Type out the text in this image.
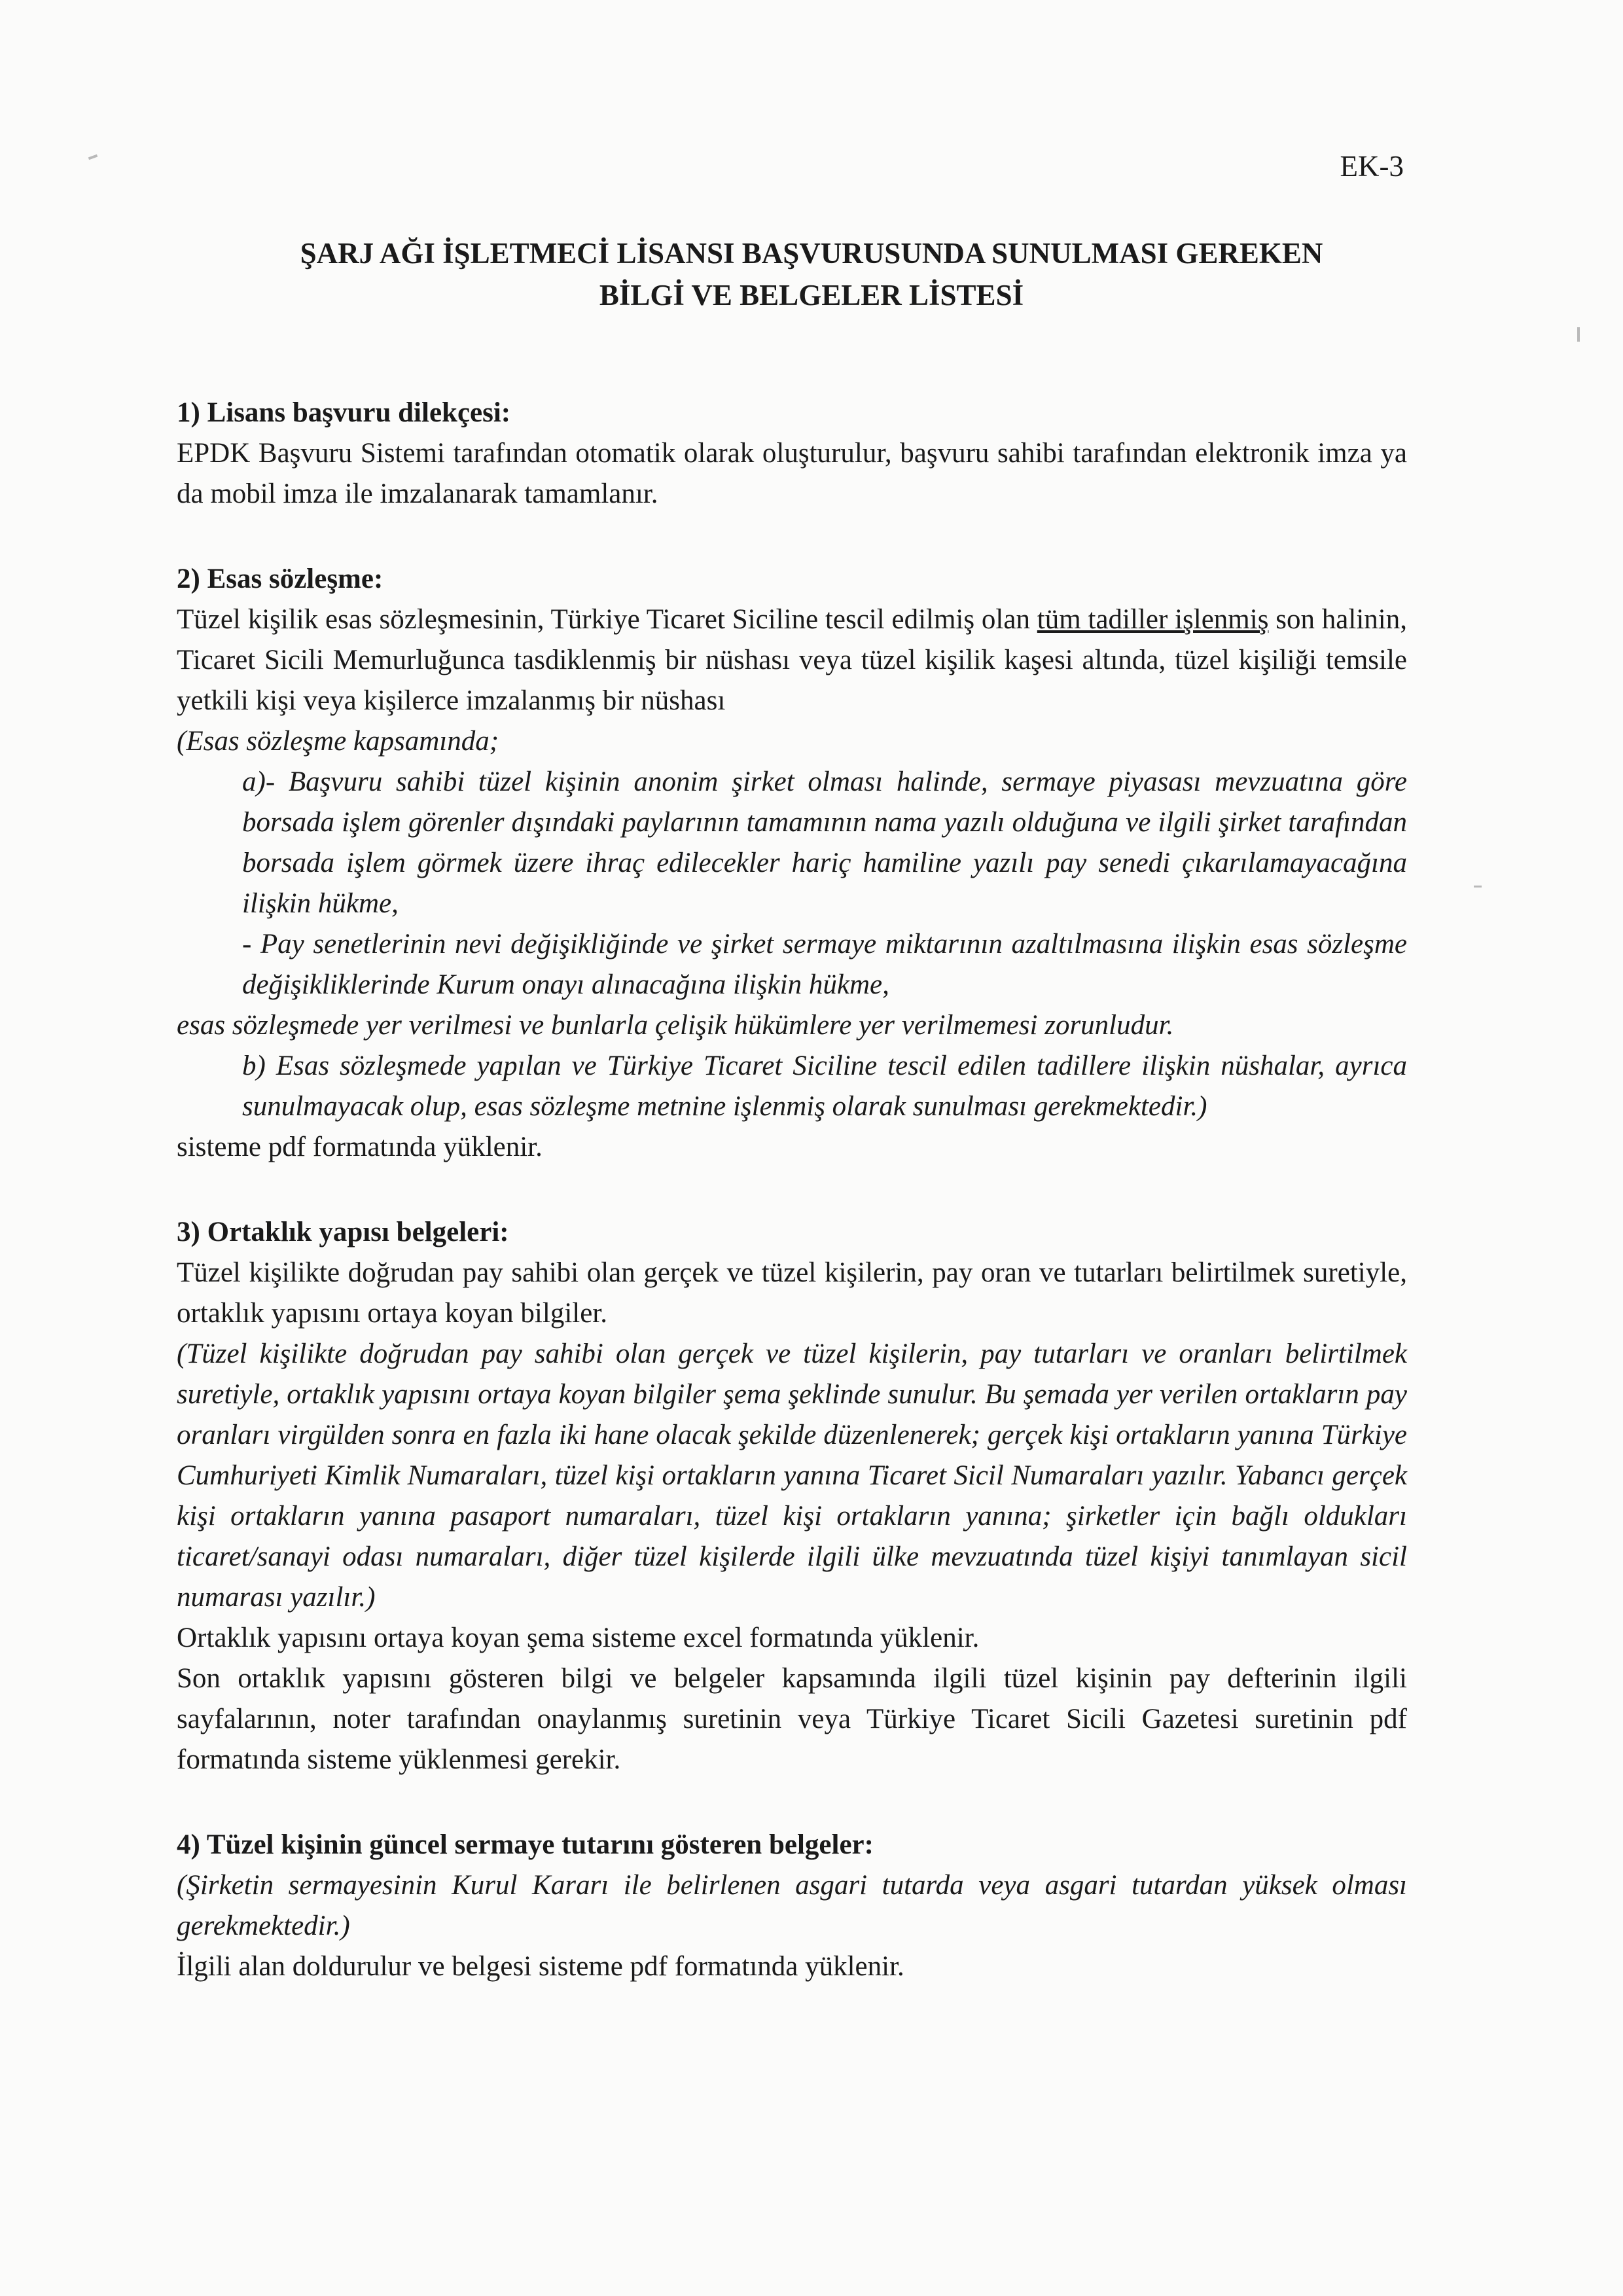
EK-3
ŞARJ AĞI İŞLETMECİ LİSANSI BAŞVURUSUNDA SUNULMASI GEREKEN
BİLGİ VE BELGELER LİSTESİ
1) Lisans başvuru dilekçesi:
EPDK Başvuru Sistemi tarafından otomatik olarak oluşturulur, başvuru sahibi tarafından elektronik imza ya da mobil imza ile imzalanarak tamamlanır.
2) Esas sözleşme:
Tüzel kişilik esas sözleşmesinin, Türkiye Ticaret Siciline tescil edilmiş olan tüm tadiller işlenmiş son halinin, Ticaret Sicili Memurluğunca tasdiklenmiş bir nüshası veya tüzel kişilik kaşesi altında, tüzel kişiliği temsile yetkili kişi veya kişilerce imzalanmış bir nüshası
(Esas sözleşme kapsamında;
a)- Başvuru sahibi tüzel kişinin anonim şirket olması halinde, sermaye piyasası mevzuatına göre borsada işlem görenler dışındaki paylarının tamamının nama yazılı olduğuna ve ilgili şirket tarafından borsada işlem görmek üzere ihraç edilecekler hariç hamiline yazılı pay senedi çıkarılamayacağına ilişkin hükme,
- Pay senetlerinin nevi değişikliğinde ve şirket sermaye miktarının azaltılmasına ilişkin esas sözleşme değişikliklerinde Kurum onayı alınacağına ilişkin hükme,
esas sözleşmede yer verilmesi ve bunlarla çelişik hükümlere yer verilmemesi zorunludur.
b) Esas sözleşmede yapılan ve Türkiye Ticaret Siciline tescil edilen tadillere ilişkin nüshalar, ayrıca sunulmayacak olup, esas sözleşme metnine işlenmiş olarak sunulması gerekmektedir.)
sisteme pdf formatında yüklenir.
3) Ortaklık yapısı belgeleri:
Tüzel kişilikte doğrudan pay sahibi olan gerçek ve tüzel kişilerin, pay oran ve tutarları belirtilmek suretiyle, ortaklık yapısını ortaya koyan bilgiler.
(Tüzel kişilikte doğrudan pay sahibi olan gerçek ve tüzel kişilerin, pay tutarları ve oranları belirtilmek suretiyle, ortaklık yapısını ortaya koyan bilgiler şema şeklinde sunulur. Bu şemada yer verilen ortakların pay oranları virgülden sonra en fazla iki hane olacak şekilde düzenlenerek; gerçek kişi ortakların yanına Türkiye Cumhuriyeti Kimlik Numaraları, tüzel kişi ortakların yanına Ticaret Sicil Numaraları yazılır. Yabancı gerçek kişi ortakların yanına pasaport numaraları, tüzel kişi ortakların yanına; şirketler için bağlı oldukları ticaret/sanayi odası numaraları, diğer tüzel kişilerde ilgili ülke mevzuatında tüzel kişiyi tanımlayan sicil numarası yazılır.)
Ortaklık yapısını ortaya koyan şema sisteme excel formatında yüklenir.
Son ortaklık yapısını gösteren bilgi ve belgeler kapsamında ilgili tüzel kişinin pay defterinin ilgili sayfalarının, noter tarafından onaylanmış suretinin veya Türkiye Ticaret Sicili Gazetesi suretinin pdf formatında sisteme yüklenmesi gerekir.
4) Tüzel kişinin güncel sermaye tutarını gösteren belgeler:
(Şirketin sermayesinin Kurul Kararı ile belirlenen asgari tutarda veya asgari tutardan yüksek olması gerekmektedir.)
İlgili alan doldurulur ve belgesi sisteme pdf formatında yüklenir.
